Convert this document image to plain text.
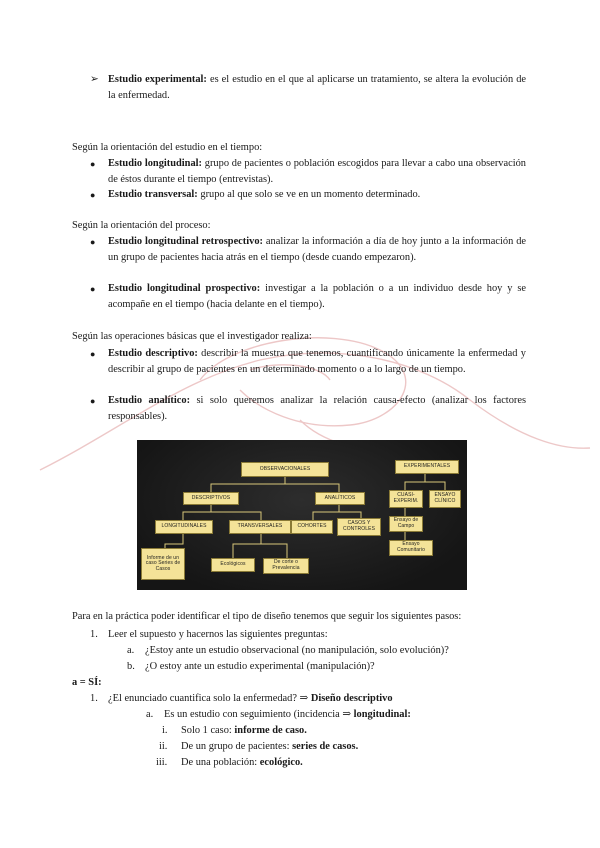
➢ Estudio experimental: es el estudio en el que al aplicarse un tratamiento, se altera la evolución de la enfermedad.

Según la orientación del estudio en el tiempo:

● Estudio longitudinal: grupo de pacientes o población escogidos para llevar a cabo una observación de éstos durante el tiempo (entrevistas).
● Estudio transversal: grupo al que solo se ve en un momento determinado.

Según la orientación del proceso:

● Estudio longitudinal retrospectivo: analizar la información a día de hoy junto a la información de un grupo de pacientes hacia atrás en el tiempo (desde cuando empezaron).
● Estudio longitudinal prospectivo: investigar a la población o a un individuo desde hoy y se acompañe en el tiempo (hacia delante en el tiempo).

Según las operaciones básicas que el investigador realiza:

● Estudio descriptivo: describir la muestra que tenemos, cuantificando únicamente la enfermedad y describir al grupo de pacientes en un determinado momento o a lo largo de un tiempo.
● Estudio analítico: si solo queremos analizar la relación causa-efecto (analizar los factores responsables).
OBSERVACIONALES
DESCRIPTIVOS	ANALÍTICOS
LONGITUDINALES	TRANSVERSALES	COHORTES	CASOS Y CONTROLES
Informe de un caso Series de Casos
Ecológicos	De corte o Prevalencia
EXPERIMENTALES
CUASI-EXPERIM.
ENSAYO CLÍNICO
Ensayo de Campo
Ensayo Comunitario

Para en la práctica poder identificar el tipo de diseño tenemos que seguir los siguientes pasos:

1. Leer el supuesto y hacernos las siguientes preguntas:

a. ¿Estoy ante un estudio observacional (no manipulación, solo evolución)?

b. ¿O estoy ante un estudio experimental (manipulación)?

a = SÍ:

1. ¿El enunciado cuantifica solo la enfermedad? ⇒ Diseño descriptivo
a. Es un estudio con seguimiento (incidencia ⇒ longitudinal:
i. Solo 1 caso: informe de caso.
ii. De un grupo de pacientes: series de casos.
iii. De una población: ecológico.
